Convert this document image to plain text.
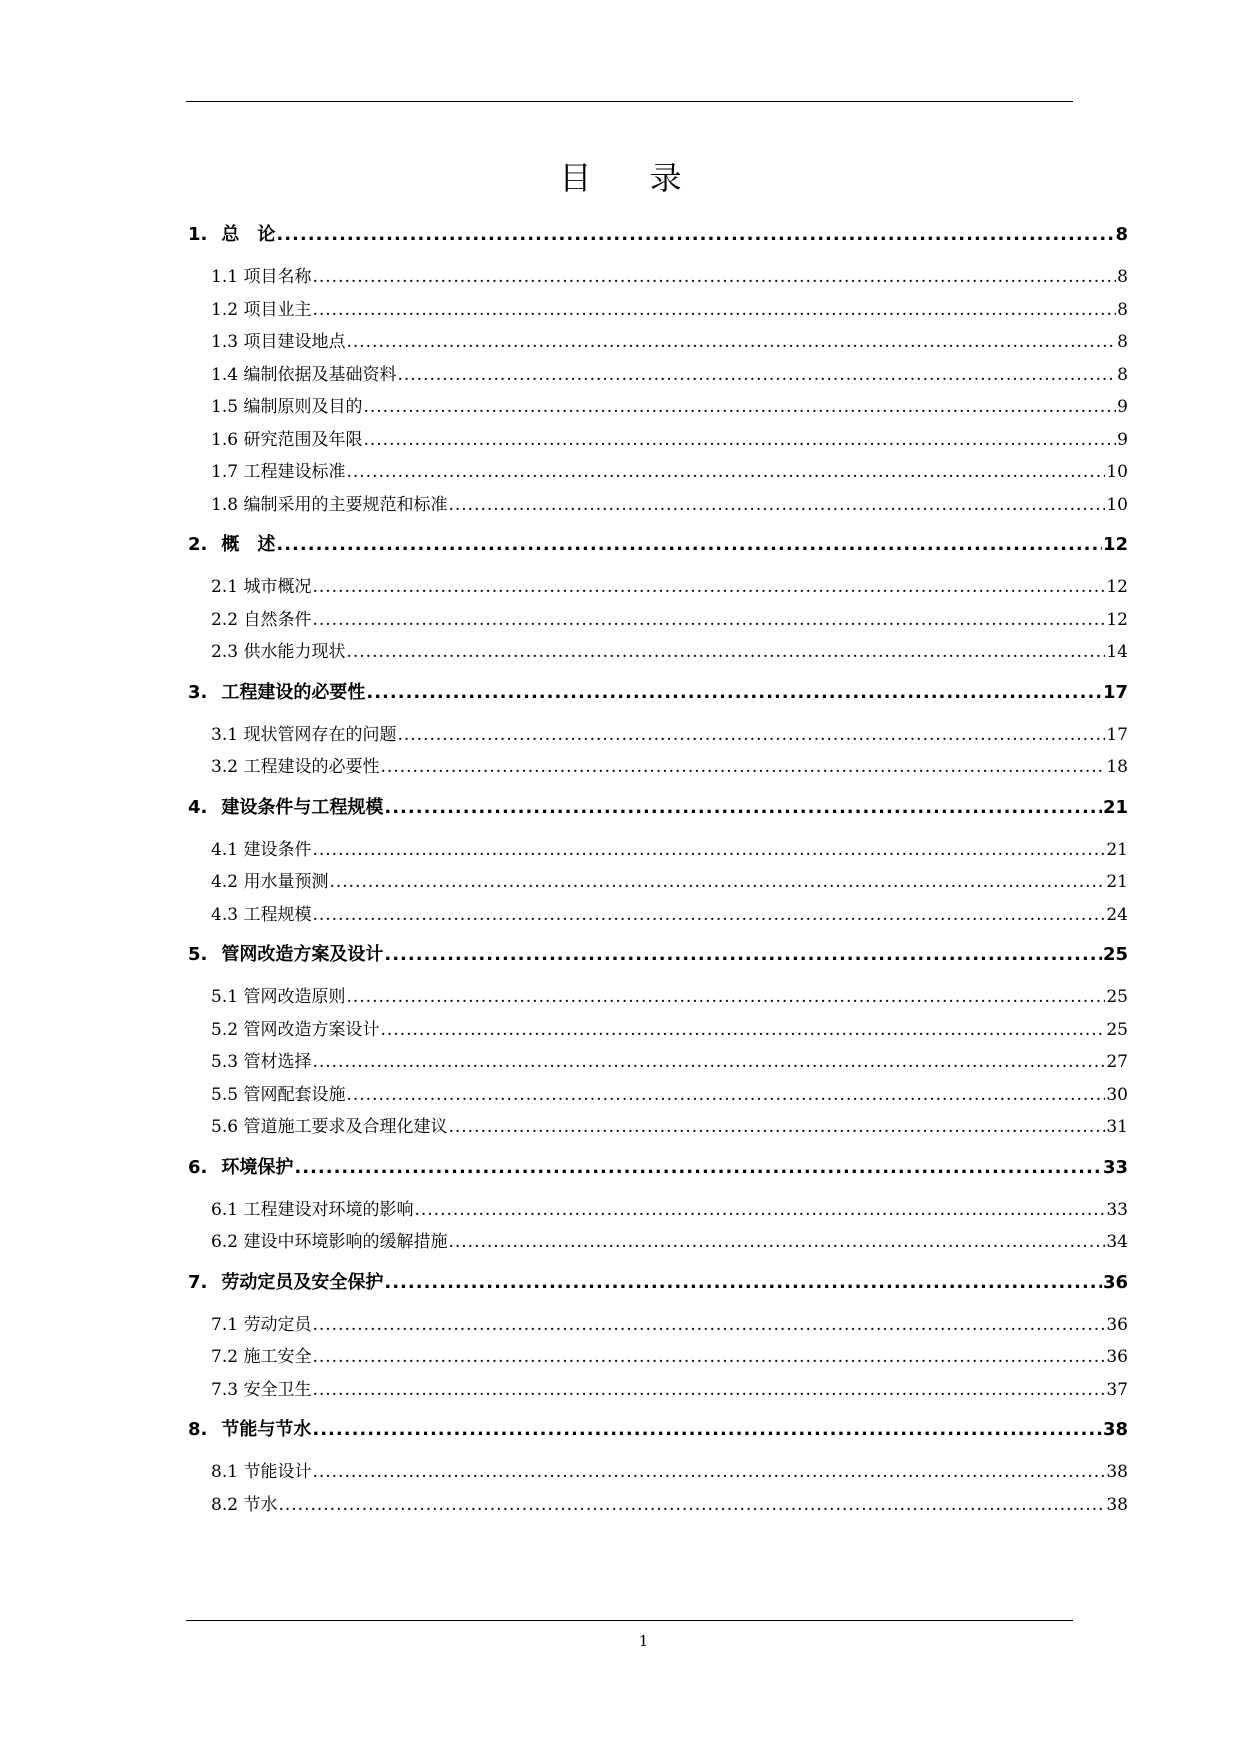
目 录
1. 总　论 .....	8
1.1 项目名称 .....	8
1.2 项目业主 .....	8
1.3 项目建设地点 .....	8
1.4 编制依据及基础资料 .....	8
1.5 编制原则及目的 .....	9
1.6 研究范围及年限 .....	9
1.7 工程建设标准 .....	10
1.8 编制采用的主要规范和标准 .....	10
2. 概　述 .....	12
2.1 城市概况 .....	12
2.2 自然条件 .....	12
2.3 供水能力现状 .....	14
3. 工程建设的必要性 .....	17
3.1 现状管网存在的问题 .....	17
3.2 工程建设的必要性 .....	18
4. 建设条件与工程规模 .....	21
4.1 建设条件 .....	21
4.2 用水量预测 .....	21
4.3 工程规模 .....	24
5. 管网改造方案及设计 .....	25
5.1 管网改造原则 .....	25
5.2 管网改造方案设计 .....	25
5.3 管材选择 .....	27
5.5 管网配套设施 .....	30
5.6 管道施工要求及合理化建议 .....	31
6. 环境保护 .....	33
6.1 工程建设对环境的影响 .....	33
6.2 建设中环境影响的缓解措施 .....	34
7. 劳动定员及安全保护 .....	36
7.1 劳动定员 .....	36
7.2 施工安全 .....	36
7.3 安全卫生 .....	37
8. 节能与节水 .....	38
8.1 节能设计 .....	38
8.2 节水 .....	38
1
